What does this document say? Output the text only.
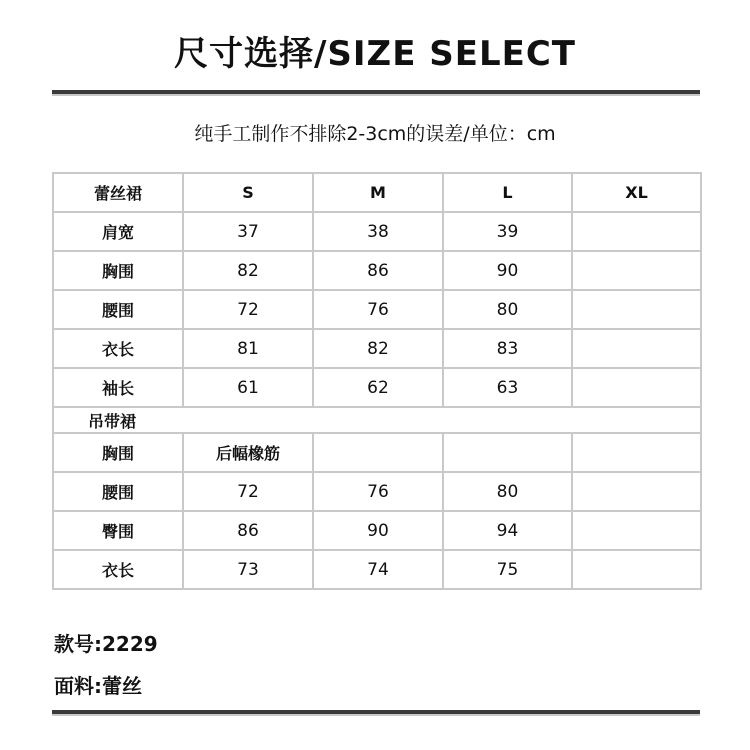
尺寸选择/SIZE SELECT
纯手工制作不排除2-3cm的误差/单位：cm
蕾丝裙	S	M	L	XL
肩宽	37	38	39	
胸围	82	86	90	
腰围	72	76	80	
衣长	81	82	83	
袖长	61	62	63	
吊带裙				
胸围	后幅橡筋			
腰围	72	76	80	
臀围	86	90	94	
衣长	73	74	75	
款号:2229
面料:蕾丝
